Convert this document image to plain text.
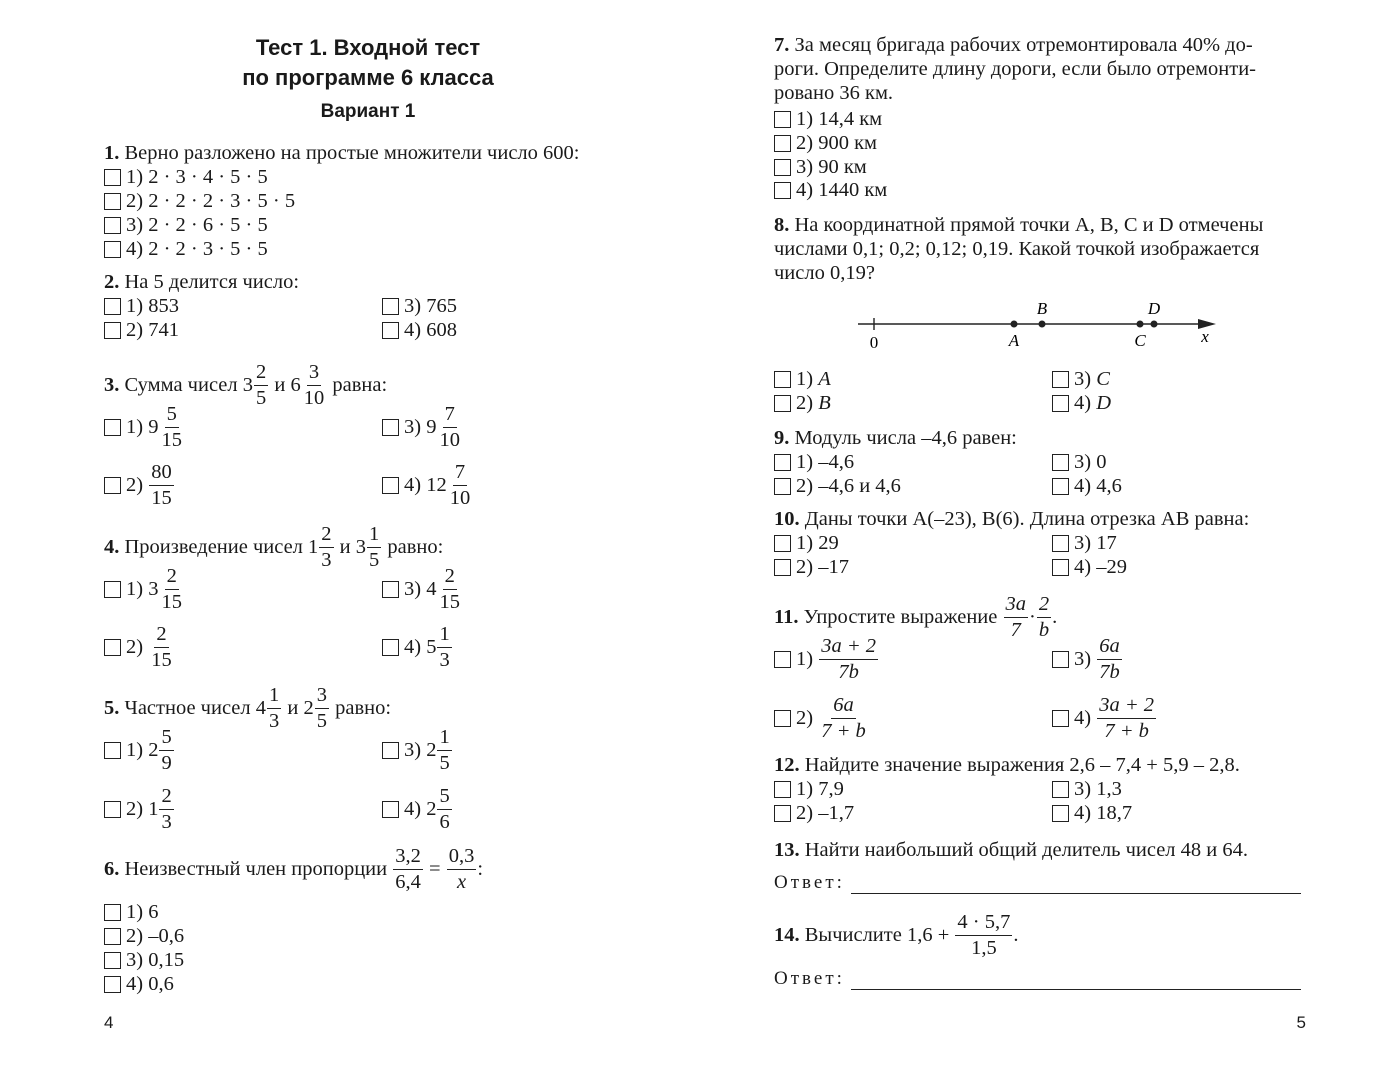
Тест 1. Входной тест
по программе 6 класса
Вариант 1
1. Верно разложено на простые множители число 600:
1) 2 · 3 · 4 · 5 · 5
2) 2 · 2 · 2 · 3 · 5 · 5
3) 2 · 2 · 6 · 5 · 5
4) 2 · 2 · 3 · 5 · 5
2. На 5 делится число:
1) 853
2) 741
3) 765
4) 608
3.
Сумма чисел
$3 \frac{2}{5}$
и
$6 \frac{3}{10}$
равна:
1)
$9 \frac{5}{15}$
2)
$\frac{80}{15}$
3)
$9 \frac{7}{10}$
4)
$12 \frac{7}{10}$
4.
Произведение чисел
$1 \frac{2}{3}$
и
$3 \frac{1}{5}$
равно:
1)
$3 \frac{2}{15}$
2)
$\frac{2}{15}$
3)
$4 \frac{2}{15}$
4)
$5 \frac{1}{3}$
5.
Частное чисел
$4 \frac{1}{3}$
и
$2 \frac{3}{5}$
равно:
1)
$2 \frac{5}{9}$
2)
$1 \frac{2}{3}$
3)
$2 \frac{1}{5}$
4)
$2 \frac{5}{6}$
6.
Неизвестный член пропорции
$\frac{3,2}{6,4}$
=
$\frac{0,3}{x}$ :
1) 6
2) –0,6
3) 0,15
4) 0,6
4
7. За месяц бригада рабочих отремонтировала 40% до-
роги. Определите длину дороги, если было отремонти-
ровано 36 км.
1) 14,4 км
2) 900 км
3) 90 км
4) 1440 км
8. На координатной прямой точки A, B, C и D отмечены
числами 0,1; 0,2; 0,12; 0,19. Какой точкой изображается
число 0,19?
0	x
A
B
C
D
1)
A
2)
B
3)
C
4)
D
9. Модуль числа –4,6 равен:
1) –4,6
2) –4,6 и 4,6
3) 0
4) 4,6
10. Даны точки A(–23), B(6). Длина отрезка AB равна:
1) 29
2) –17
3) 17
4) –29
11.
Упростите выражение
$\frac{3a}{7} \cdot \frac{2}{b}$ .
1)
$\frac{3a + 2}{7b}$
2)
$\frac{6a}{7 + b}$
3)
$\frac{6a}{7b}$
4)
$\frac{3a + 2}{7 + b}$
12. Найдите значение выражения 2,6 – 7,4 + 5,9 – 2,8.
1) 7,9
2) –1,7
3) 1,3
4) 18,7
13. Найти наибольший общий делитель чисел 48 и 64.
Ответ:
14.
Вычислите 1,6 +
$\frac{4 \cdot 5,7}{1,5}$ .
Ответ:
5
